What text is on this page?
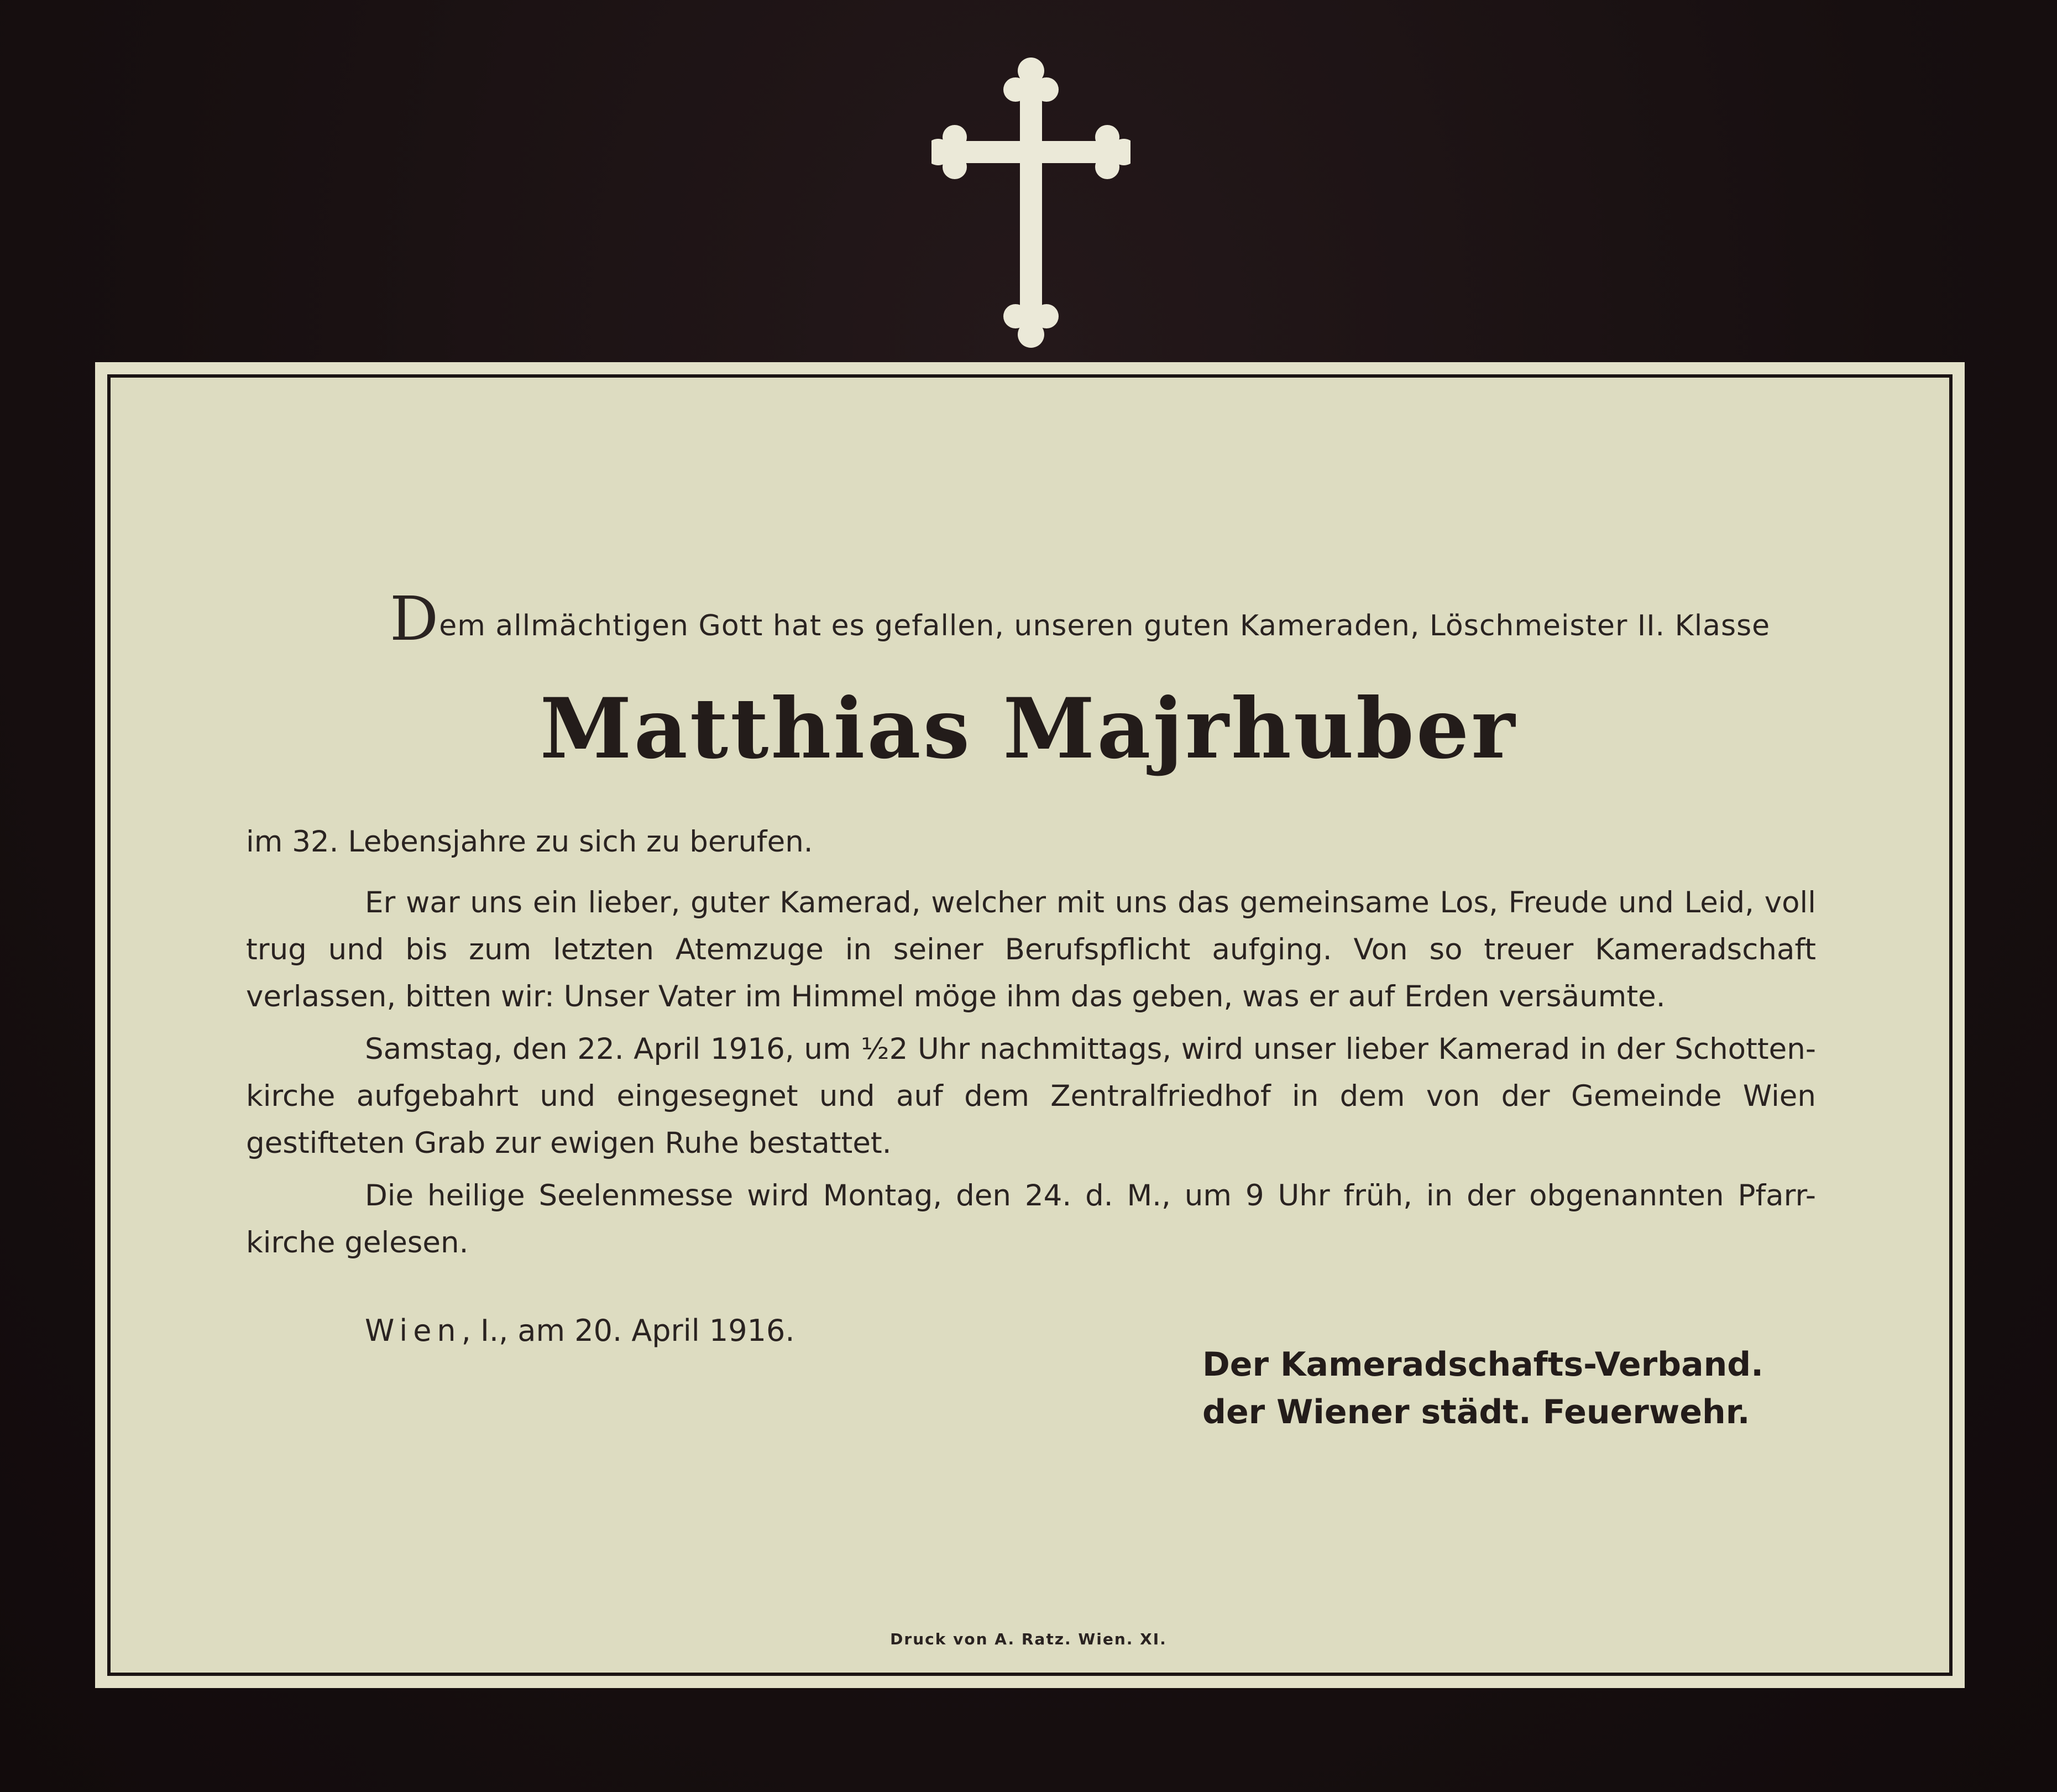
Dem allmächtigen Gott hat es gefallen, unseren guten Kameraden, Löschmeister II. Klasse
Matthias Majrhuber
im 32. Lebensjahre zu sich zu berufen.
Er war uns ein lieber, guter Kamerad, welcher mit uns das gemeinsame Los, Freude und Leid, voll trug und bis zum letzten Atemzuge in seiner Berufspflicht aufging. Von so treuer Kameradschaft verlassen, bitten wir: Unser Vater im Himmel möge ihm das geben, was er auf Erden versäumte.
Samstag, den 22. April 1916, um ½2 Uhr nachmittags, wird unser lieber Kamerad in der Schotten-kirche aufgebahrt und eingesegnet und auf dem Zentralfriedhof in dem von der Gemeinde Wien gestifteten Grab zur ewigen Ruhe bestattet.
Die heilige Seelenmesse wird Montag, den 24. d. M., um 9 Uhr früh, in der obgenannten Pfarr-kirche gelesen.
Wien, I., am 20. April 1916.
Der Kameradschafts-Verband.
der Wiener städt. Feuerwehr.
Druck von A. Ratz. Wien. XI.
